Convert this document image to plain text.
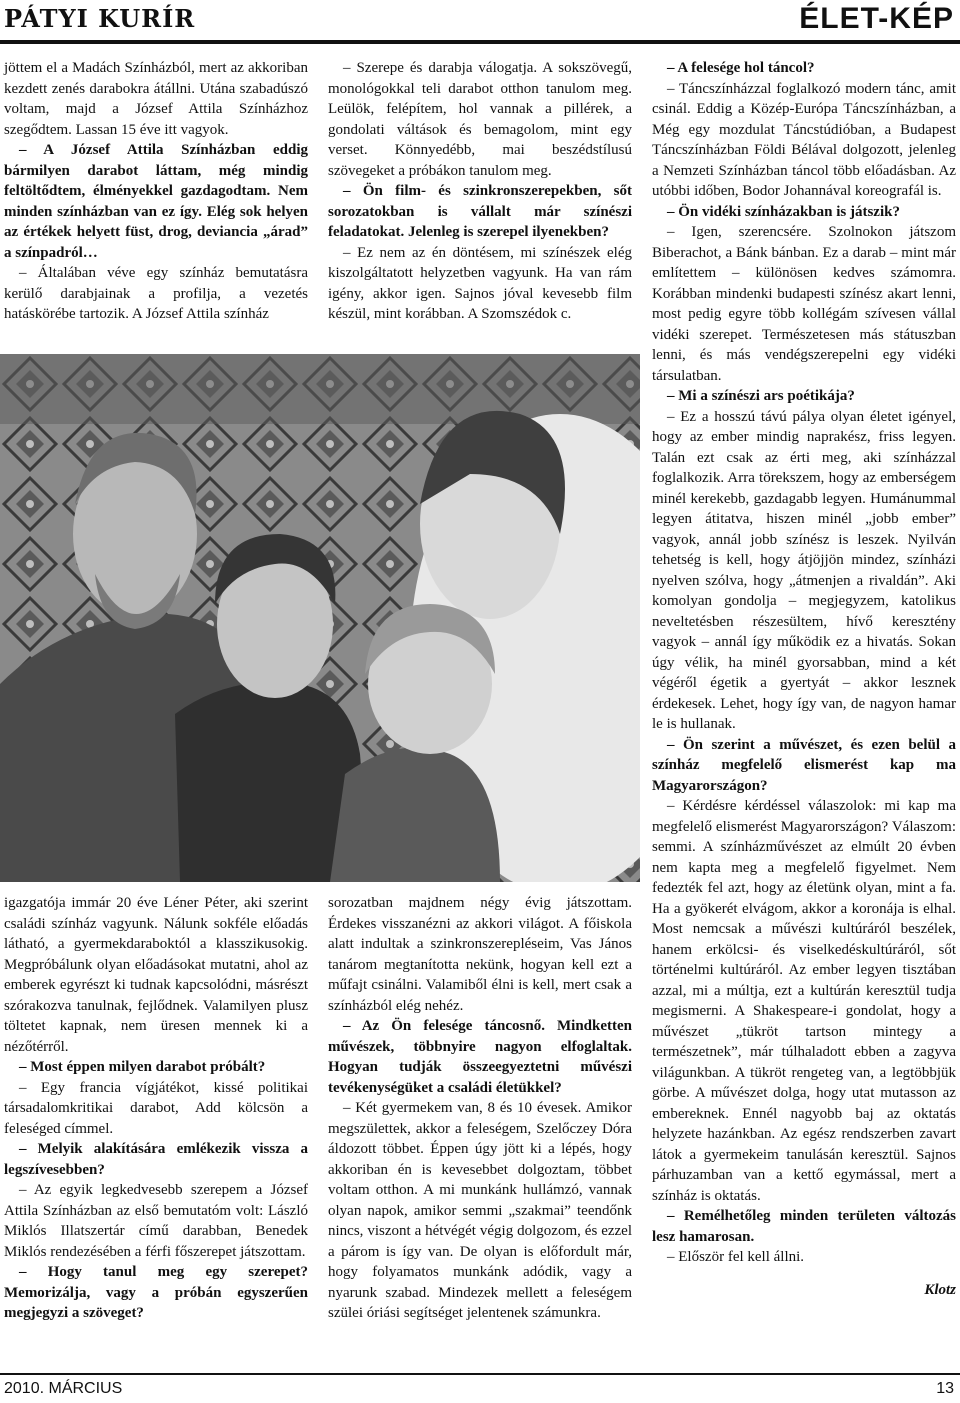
PÁTYI KURÍR	ÉLET-KÉP

jöttem el a Madách Színházból, mert az akkoriban kezdett zenés darabokra átállni. Utána szabadúszó voltam, majd a József Attila Színházhoz szegődtem. Lassan 15 éve itt vagyok.

– A József Attila Színházban eddig bármilyen darabot láttam, még mindig feltöltődtem, élményekkel gazdagodtam. Nem minden színházban van ez így. Elég sok helyen az értékek helyett füst, drog, deviancia „árad” a színpadról…

– Általában véve egy színház bemutatásra kerülő darabjainak a profilja, a vezetés hatáskörébe tartozik. A József Attila színház

– Szerepe és darabja válogatja. A sokszövegű, monológokkal teli darabot otthon tanulom meg. Leülök, felépítem, hol vannak a pillérek, a gondolati váltások és bemagolom, mint egy verset. Könnyedébb, mai beszédstílusú szövegeket a próbákon tanulom meg.

– Ön film- és szinkronszerepekben, sőt sorozatokban is vállalt már színészi feladatokat. Jelenleg is szerepel ilyenekben?

– Ez nem az én döntésem, mi színészek elég kiszolgáltatott helyzetben vagyunk. Ha van rám igény, akkor igen. Sajnos jóval kevesebb film készül, mint korábban. A Szomszédok c.

igazgatója immár 20 éve Léner Péter, aki szerint családi színház vagyunk. Nálunk sokféle előadás látható, a gyermekdaraboktól a klasszikusokig. Megpróbálunk olyan előadásokat mutatni, ahol az emberek egyrészt ki tudnak kapcsolódni, másrészt szórakozva tanulnak, fejlődnek. Valamilyen plusz töltetet kapnak, nem üresen mennek ki a nézőtérről.

– Most éppen milyen darabot próbált?

– Egy francia vígjátékot, kissé politikai társadalomkritikai darabot, Add kölcsön a feleséged címmel.

– Melyik alakítására emlékezik vissza a legszívesebben?

– Az egyik legkedvesebb szerepem a József Attila Színházban az első bemutatóm volt: László Miklós Illatszertár című darabban, Benedek Miklós rendezésében a férfi főszerepet játszottam.

– Hogy tanul meg egy szerepet? Memorizálja, vagy a próbán egyszerűen megjegyzi a szöveget?

sorozatban majdnem négy évig játszottam. Érdekes visszanézni az akkori világot. A főiskola alatt indultak a szinkronszerepléseim, Vas János tanárom megtanította nekünk, hogyan kell ezt a műfajt csinálni. Valamiből élni is kell, mert csak a színházból elég nehéz.

– Az Ön felesége táncosnő. Mindketten művészek, többnyire nagyon elfoglaltak. Hogyan tudják összeegyeztetni művészi tevékenységüket a családi életükkel?

– Két gyermekem van, 8 és 10 évesek. Amikor megszülettek, akkor a feleségem, Szelőczey Dóra áldozott többet. Éppen úgy jött ki a lépés, hogy akkoriban én is kevesebbet dolgoztam, többet voltam otthon. A mi munkánk hullámzó, vannak olyan napok, amikor semmi „szakmai” teendőnk nincs, viszont a hétvégét végig dolgozom, és ezzel a párom is így van. De olyan is előfordult már, hogy folyamatos munkánk adódik, vagy a nyarunk szabad. Mindezek mellett a feleségem szülei óriási segítséget jelentenek számunkra.

– A felesége hol táncol?

– Táncszínházzal foglalkozó modern tánc, amit csinál. Eddig a Közép-Európa Táncszínházban, a Még egy mozdulat Táncstúdióban, a Budapest Táncszínházban Földi Bélával dolgozott, jelenleg a Nemzeti Színházban táncol több előadásban. Az utóbbi időben, Bodor Johannával koreografál is.

– Ön vidéki színházakban is játszik?

– Igen, szerencsére. Szolnokon játszom Biberachot, a Bánk bánban. Ez a darab – mint már említettem – különösen kedves számomra. Korábban mindenki budapesti színész akart lenni, most pedig egyre több kollégám szívesen vállal vidéki szerepet. Természetesen más státuszban lenni, és más vendégszerepelni egy vidéki társulatban.

– Mi a színészi ars poétikája?

– Ez a hosszú távú pálya olyan életet igényel, hogy az ember mindig naprakész, friss legyen. Talán ezt csak az érti meg, aki színházzal foglalkozik. Arra törekszem, hogy az emberségem minél kerekebb, gazdagabb legyen. Humánummal legyen átitatva, hiszen minél „jobb ember” vagyok, annál jobb színész is leszek. Nyilván tehetség is kell, hogy átjöjjön mindez, színházi nyelven szólva, hogy „átmenjen a rivaldán”. Aki komolyan gondolja – megjegyzem, katolikus neveltetésben részesültem, hívő keresztény vagyok – annál így működik ez a hivatás. Sokan úgy vélik, ha minél gyorsabban, mind a két végéről égetik a gyertyát – akkor lesznek érdekesek. Lehet, hogy így van, de nagyon hamar le is hullanak.

– Ön szerint a művészet, és ezen belül a színház megfelelő elismerést kap ma Magyarországon?

– Kérdésre kérdéssel válaszolok: mi kap ma megfelelő elismerést Magyarországon? Válaszom: semmi. A színházművészet az elmúlt 20 évben nem kapta meg a megfelelő figyelmet. Nem fedezték fel azt, hogy az életünk olyan, mint a fa. Ha a gyökerét elvágom, akkor a koronája is elhal. Most nemcsak a művészi kultúráról beszélek, hanem erkölcsi- és viselkedéskultúráról, sőt történelmi kultúráról. Az ember legyen tisztában azzal, mi a múltja, ezt a kultúrán keresztül tudja megismerni. A Shakespeare-i gondolat, hogy a művészet „tükröt tartson mintegy a természetnek”, már túlhaladott ebben a zagyva világunkban. A tükröt rengeteg van, a legtöbbjük görbe. A művészet dolga, hogy utat mutasson az embereknek. Ennél nagyobb baj az oktatás helyzete hazánkban. Az egész rendszerben zavart látok a gyermekeim tanulásán keresztül. Sajnos párhuzamban van a kettő egymással, mert a színház is oktatás.

– Remélhetőleg minden területen változás lesz hamarosan.

– Először fel kell állni.

Klotz

2010. MÁRCIUS	13
